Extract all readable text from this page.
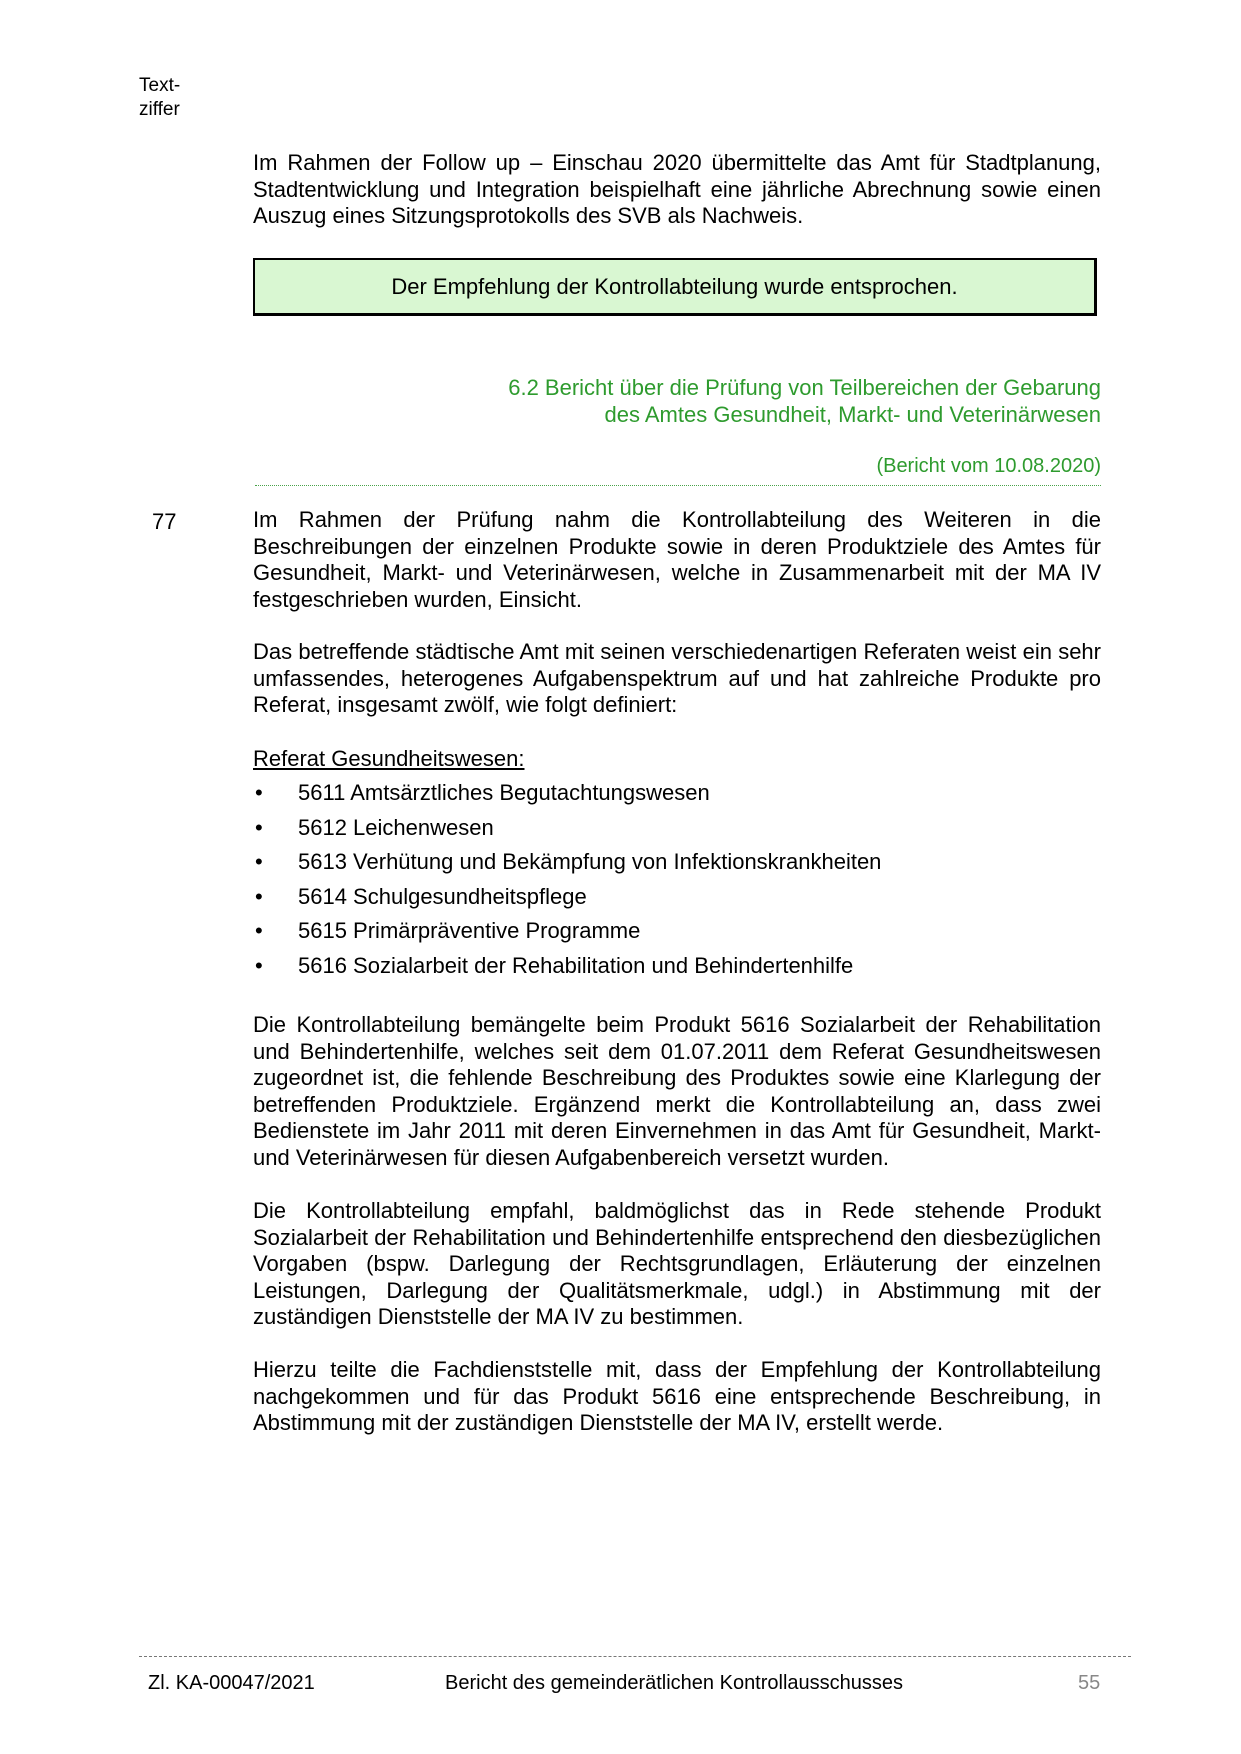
Text-
ziffer
Im Rahmen der Follow up – Einschau 2020 übermittelte das Amt für Stadtplanung, Stadtentwicklung und Integration beispielhaft eine jährliche Abrechnung sowie einen Auszug eines Sitzungsprotokolls des SVB als Nachweis.
Der Empfehlung der Kontrollabteilung wurde entsprochen.
6.2 Bericht über die Prüfung von Teilbereichen der Gebarung
des Amtes Gesundheit, Markt- und Veterinärwesen
(Bericht vom 10.08.2020)
77	Im Rahmen der Prüfung nahm die Kontrollabteilung des Weiteren in die Beschreibungen der einzelnen Produkte sowie in deren Produktziele des Amtes für Gesundheit, Markt- und Veterinärwesen, welche in Zusammenarbeit mit der MA IV festgeschrieben wurden, Einsicht.
Das betreffende städtische Amt mit seinen verschiedenartigen Referaten weist ein sehr umfassendes, heterogenes Aufgabenspektrum auf und hat zahlreiche Produkte pro Referat, insgesamt zwölf, wie folgt definiert:
Referat Gesundheitswesen:
• 5611 Amtsärztliches Begutachtungswesen
• 5612 Leichenwesen
• 5613 Verhütung und Bekämpfung von Infektionskrankheiten
• 5614 Schulgesundheitspflege
• 5615 Primärpräventive Programme
• 5616 Sozialarbeit der Rehabilitation und Behindertenhilfe
Die Kontrollabteilung bemängelte beim Produkt 5616 Sozialarbeit der Rehabilitation und Behindertenhilfe, welches seit dem 01.07.2011 dem Referat Gesundheitswesen zugeordnet ist, die fehlende Beschreibung des Produktes sowie eine Klarlegung der betreffenden Produktziele. Ergänzend merkt die Kontrollabteilung an, dass zwei Bedienstete im Jahr 2011 mit deren Einvernehmen in das Amt für Gesundheit, Markt- und Veterinärwesen für diesen Aufgabenbereich versetzt wurden.
Die Kontrollabteilung empfahl, baldmöglichst das in Rede stehende Produkt Sozialarbeit der Rehabilitation und Behindertenhilfe entsprechend den diesbezüglichen Vorgaben (bspw. Darlegung der Rechtsgrundlagen, Erläuterung der einzelnen Leistungen, Darlegung der Qualitätsmerkmale, udgl.) in Abstimmung mit der zuständigen Dienststelle der MA IV zu bestimmen.
Hierzu teilte die Fachdienststelle mit, dass der Empfehlung der Kontrollabteilung nachgekommen und für das Produkt 5616 eine entsprechende Beschreibung, in Abstimmung mit der zuständigen Dienststelle der MA IV, erstellt werde.
Zl. KA-00047/2021	Bericht des gemeinderätlichen Kontrollausschusses	55
